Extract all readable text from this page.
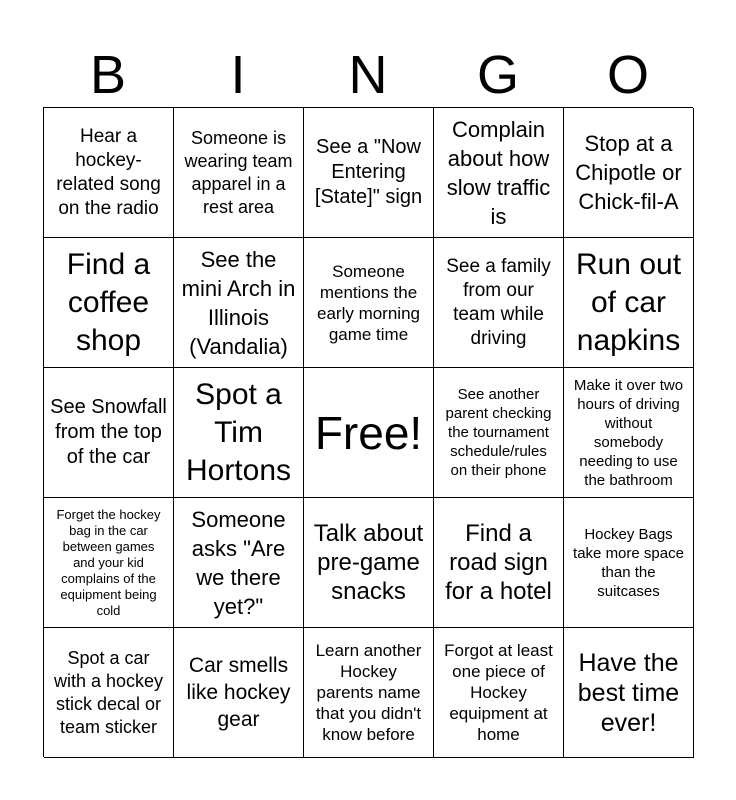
B	I	N	G	O
Hear a hockey-related song on the radio
Someone is wearing team apparel in a rest area
See a "Now Entering [State]" sign
Complain about how slow traffic is
Stop at a Chipotle or Chick-fil-A
Find a coffee shop
See the mini Arch in Illinois (Vandalia)
Someone mentions the early morning game time
See a family from our team while driving
Run out of car napkins
See Snowfall from the top of the car
Spot a Tim Hortons
Free!
See another parent checking the tournament schedule/rules on their phone
Make it over two hours of driving without somebody needing to use the bathroom
Forget the hockey bag in the car between games and your kid complains of the equipment being cold
Someone asks "Are we there yet?"
Talk about pre-game snacks
Find a road sign for a hotel
Hockey Bags take more space than the suitcases
Spot a car with a hockey stick decal or team sticker
Car smells like hockey gear
Learn another Hockey parents name that you didn't know before
Forgot at least one piece of Hockey equipment at home
Have the best time ever!
